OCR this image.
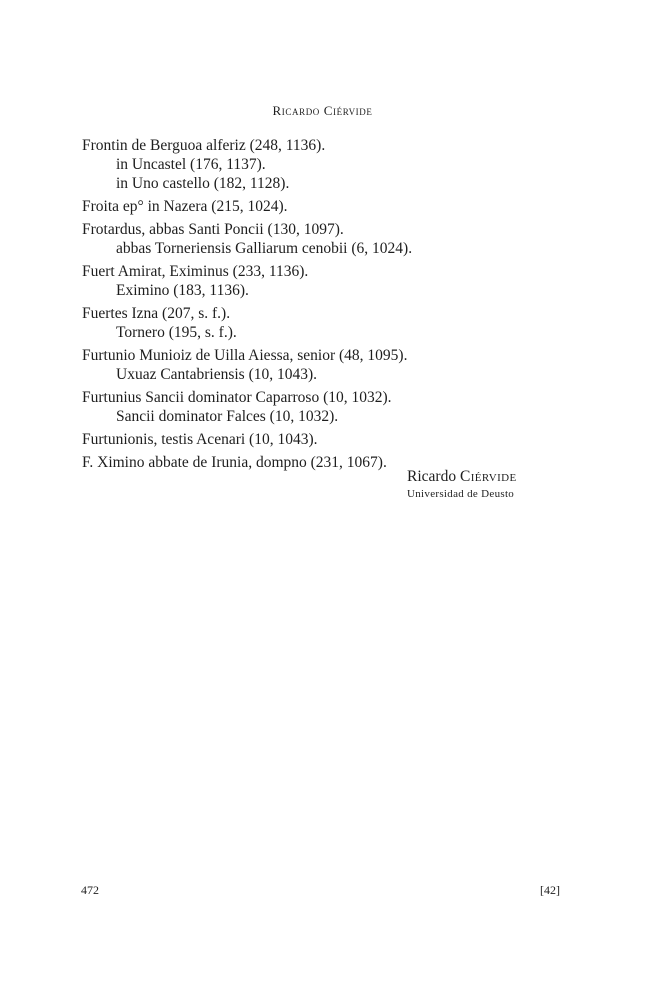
Ricardo Ciérvide
Frontin de Berguoa alferiz (248, 1136).
in Uncastel (176, 1137).
in Uno castello (182, 1128).
Froita ep° in Nazera (215, 1024).
Frotardus, abbas Santi Poncii (130, 1097).
abbas Torneriensis Galliarum cenobii (6, 1024).
Fuert Amirat, Eximinus (233, 1136).
Eximino (183, 1136).
Fuertes Izna (207, s. f.).
Tornero (195, s. f.).
Furtunio Munioiz de Uilla Aiessa, senior (48, 1095).
Uxuaz Cantabriensis (10, 1043).
Furtunius Sancii dominator Caparroso (10, 1032).
Sancii dominator Falces (10, 1032).
Furtunionis, testis Acenari (10, 1043).
F. Ximino abbate de Irunia, dompno (231, 1067).
Ricardo Ciérvide
Universidad de Deusto
472	[42]
